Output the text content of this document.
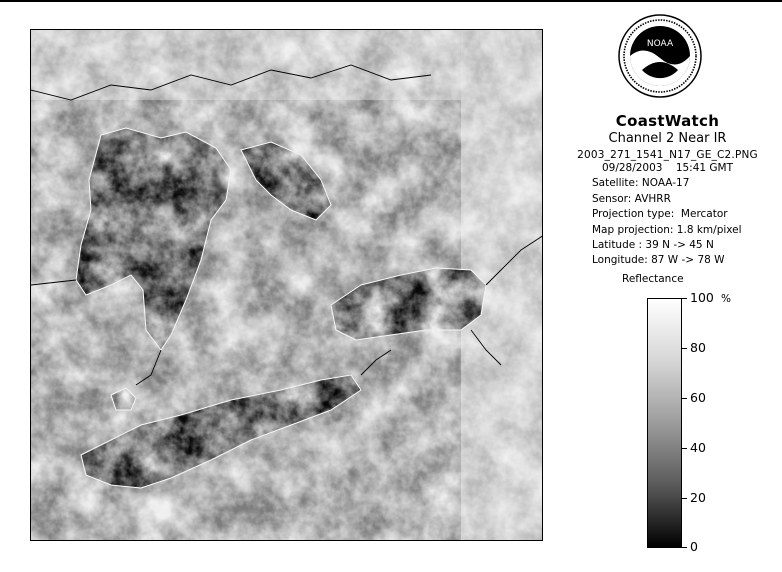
NOAA

CoastWatch

Channel 2 Near IR

2003_271_1541_N17_GE_C2.PNG

09/28/2003    15:41 GMT
Satellite: NOAA-17
Sensor: AVHRR
Projection type:  Mercator
Map projection: 1.8 km/pixel
Latitude : 39 N -> 45 N
Longitude: 87 W -> 78 W
Reflectance
%
100
80
60
40
20
0
